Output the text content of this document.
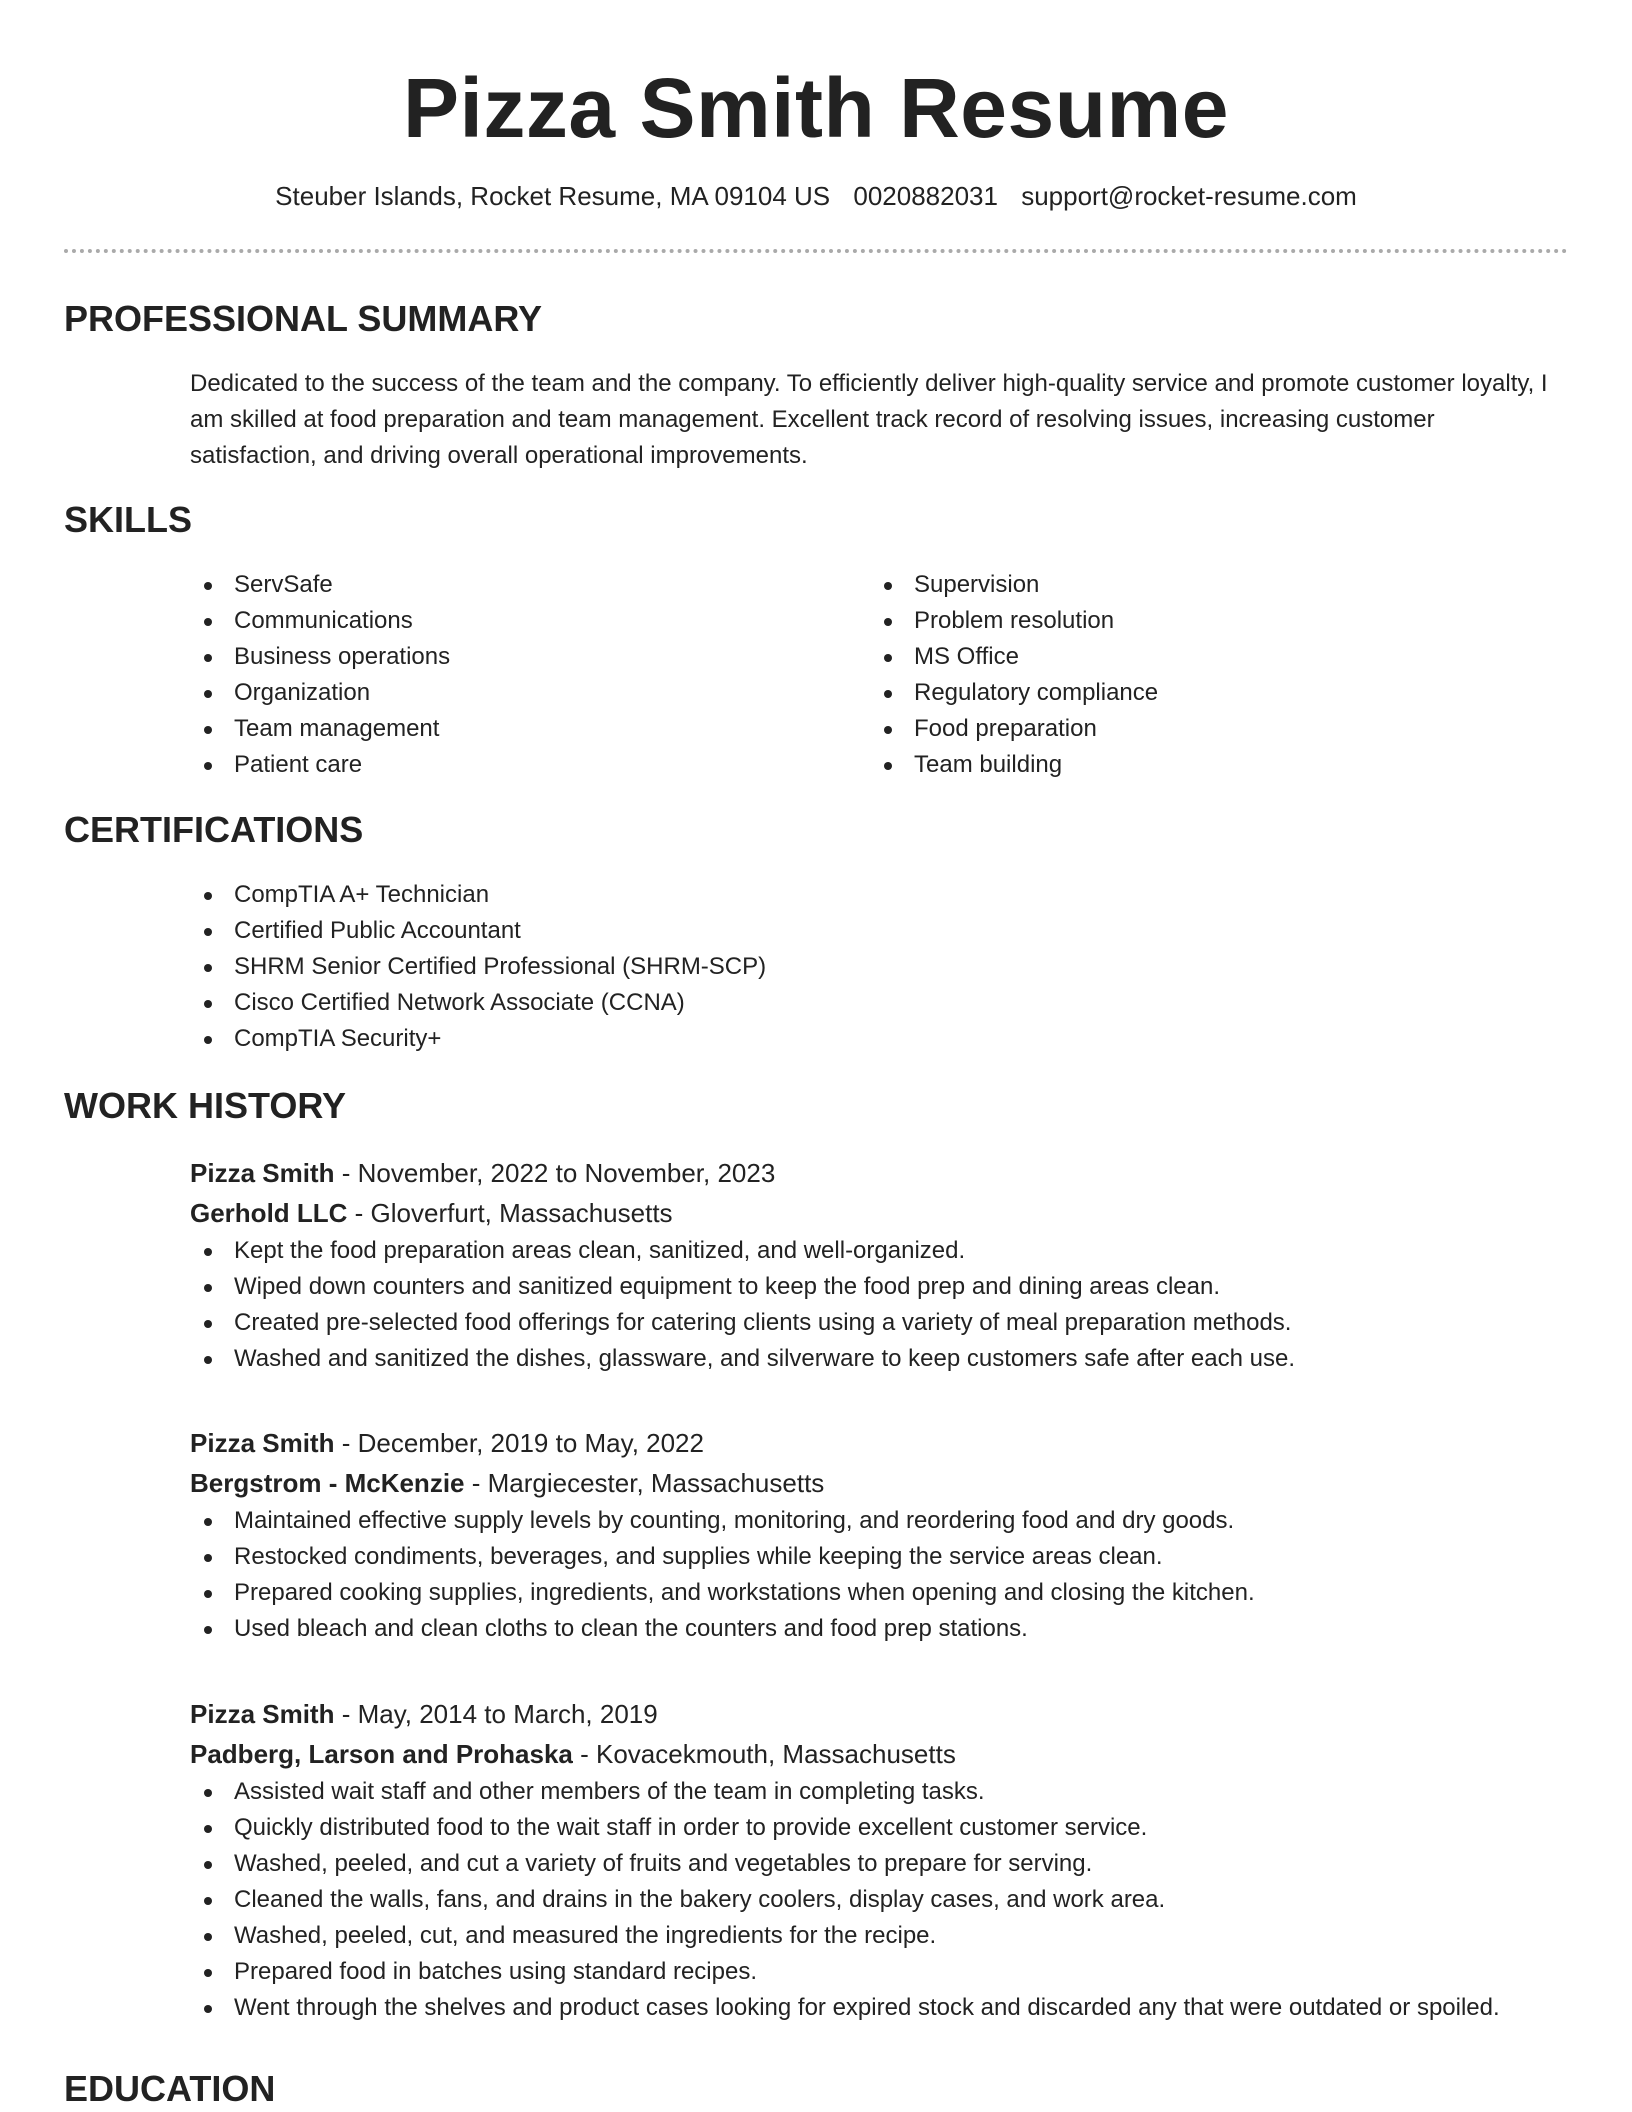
Pizza Smith Resume
Steuber Islands, Rocket Resume, MA 09104 US 0020882031 support@rocket-resume.com
PROFESSIONAL SUMMARY

Dedicated to the success of the team and the company. To efficiently deliver high-quality service and promote customer loyalty, I am skilled at food preparation and team management. Excellent track record of resolving issues, increasing customer satisfaction, and driving overall operational improvements.

SKILLS
ServSafe
Communications
Business operations
Organization
Team management
Patient care
Supervision
Problem resolution
MS Office
Regulatory compliance
Food preparation
Team building
CERTIFICATIONS
CompTIA A+ Technician
Certified Public Accountant
SHRM Senior Certified Professional (SHRM-SCP)
Cisco Certified Network Associate (CCNA)
CompTIA Security+
WORK HISTORY
Pizza Smith - November, 2022 to November, 2023
Gerhold LLC - Gloverfurt, Massachusetts
Kept the food preparation areas clean, sanitized, and well-organized.
Wiped down counters and sanitized equipment to keep the food prep and dining areas clean.
Created pre-selected food offerings for catering clients using a variety of meal preparation methods.
Washed and sanitized the dishes, glassware, and silverware to keep customers safe after each use.
Pizza Smith - December, 2019 to May, 2022
Bergstrom - McKenzie - Margiecester, Massachusetts
Maintained effective supply levels by counting, monitoring, and reordering food and dry goods.
Restocked condiments, beverages, and supplies while keeping the service areas clean.
Prepared cooking supplies, ingredients, and workstations when opening and closing the kitchen.
Used bleach and clean cloths to clean the counters and food prep stations.
Pizza Smith - May, 2014 to March, 2019
Padberg, Larson and Prohaska - Kovacekmouth, Massachusetts
Assisted wait staff and other members of the team in completing tasks.
Quickly distributed food to the wait staff in order to provide excellent customer service.
Washed, peeled, and cut a variety of fruits and vegetables to prepare for serving.
Cleaned the walls, fans, and drains in the bakery coolers, display cases, and work area.
Washed, peeled, cut, and measured the ingredients for the recipe.
Prepared food in batches using standard recipes.
Went through the shelves and product cases looking for expired stock and discarded any that were outdated or spoiled.
EDUCATION
